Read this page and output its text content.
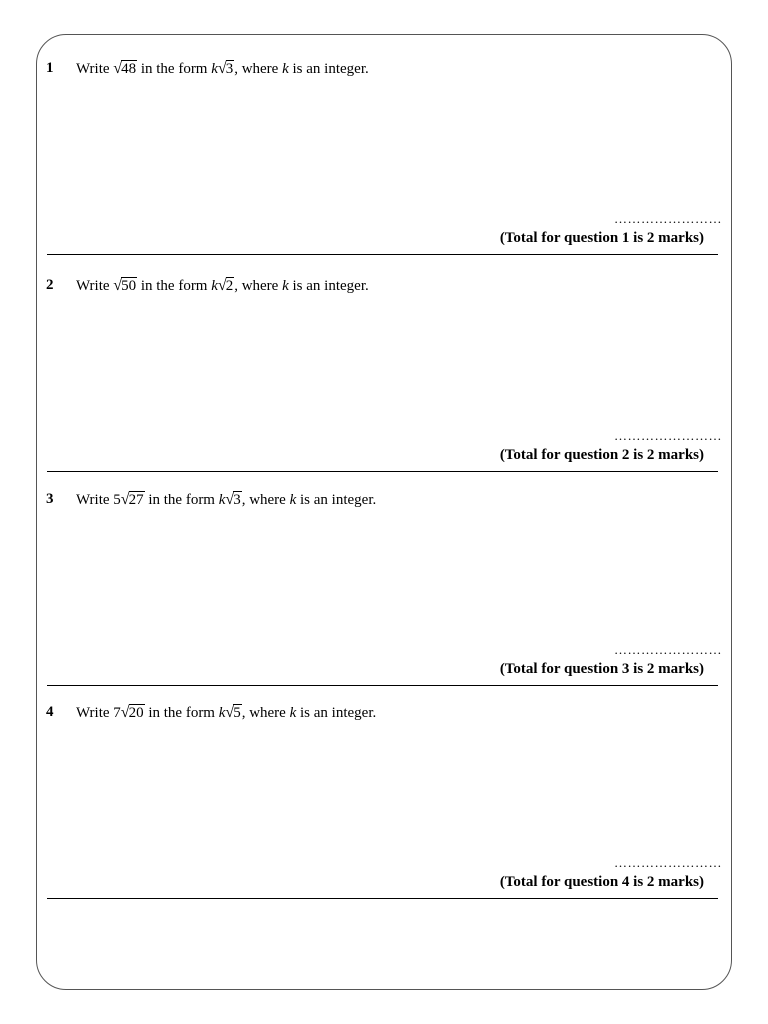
1 Write √48 in the form k√3, where k is an integer.
……………………
(Total for question 1 is 2 marks)
2 Write √50 in the form k√2, where k is an integer.
……………………
(Total for question 2 is 2 marks)
3 Write 5√27 in the form k√3, where k is an integer.
……………………
(Total for question 3 is 2 marks)
4 Write 7√20 in the form k√5, where k is an integer.
……………………
(Total for question 4 is 2 marks)
